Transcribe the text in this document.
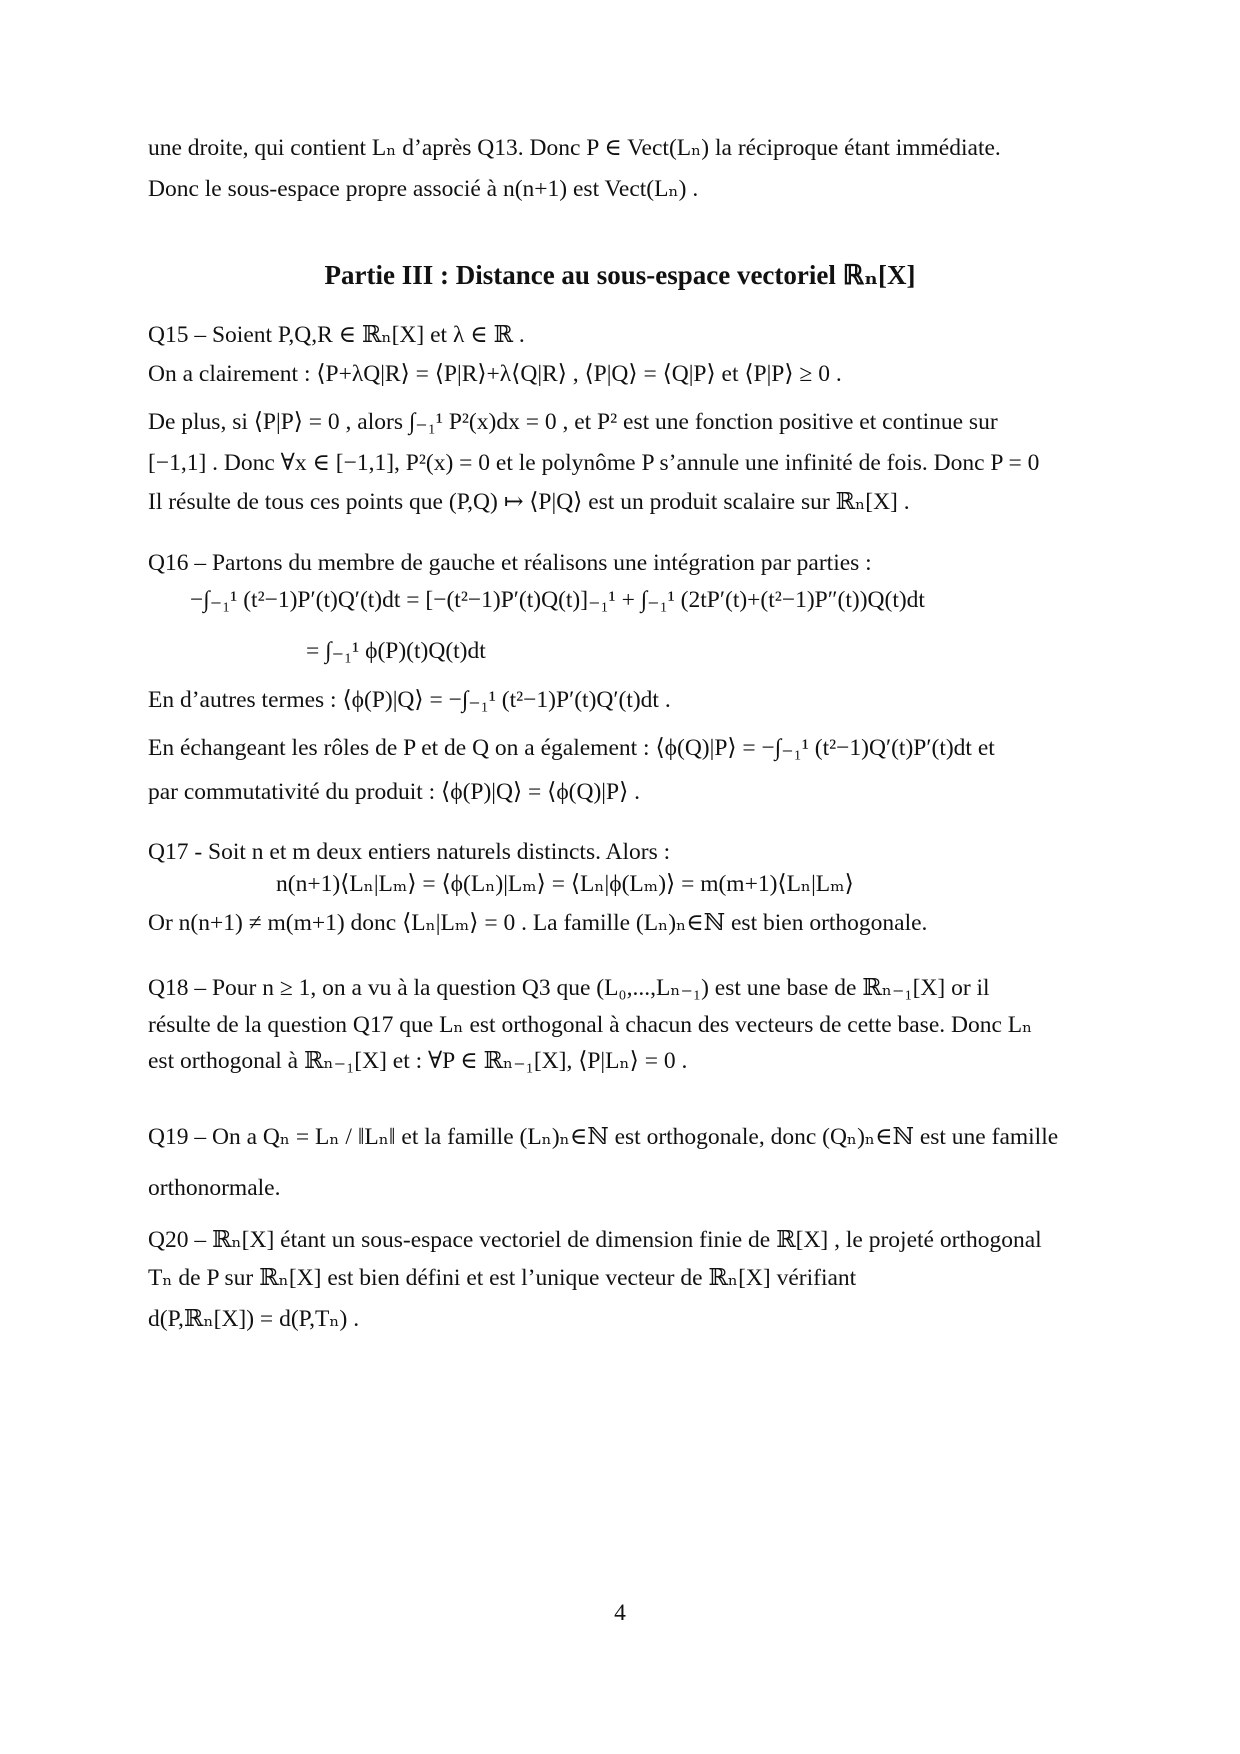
une droite, qui contient Lₙ d’après Q13. Donc P ∈ Vect(Lₙ) la réciproque étant immédiate.
Donc le sous-espace propre associé à n(n+1) est Vect(Lₙ) .
Partie III : Distance au sous-espace vectoriel ℝₙ[X]
Q15 – Soient P,Q,R ∈ ℝₙ[X] et λ ∈ ℝ .
On a clairement : ⟨P+λQ|R⟩ = ⟨P|R⟩+λ⟨Q|R⟩ , ⟨P|Q⟩ = ⟨Q|P⟩ et ⟨P|P⟩ ≥ 0 .
De plus, si ⟨P|P⟩ = 0 , alors ∫₋₁¹ P²(x)dx = 0 , et P² est une fonction positive et continue sur
[−1,1] . Donc ∀x ∈ [−1,1], P²(x) = 0 et le polynôme P s’annule une infinité de fois. Donc P = 0
Il résulte de tous ces points que (P,Q) ↦ ⟨P|Q⟩ est un produit scalaire sur ℝₙ[X] .
Q16 – Partons du membre de gauche et réalisons une intégration par parties :
−∫₋₁¹ (t²−1)P′(t)Q′(t)dt = [−(t²−1)P′(t)Q(t)]₋₁¹ + ∫₋₁¹ (2tP′(t)+(t²−1)P″(t))Q(t)dt
= ∫₋₁¹ ϕ(P)(t)Q(t)dt
En d’autres termes : ⟨ϕ(P)|Q⟩ = −∫₋₁¹ (t²−1)P′(t)Q′(t)dt .
En échangeant les rôles de P et de Q on a également : ⟨ϕ(Q)|P⟩ = −∫₋₁¹ (t²−1)Q′(t)P′(t)dt et
par commutativité du produit : ⟨ϕ(P)|Q⟩ = ⟨ϕ(Q)|P⟩ .
Q17 - Soit n et m deux entiers naturels distincts. Alors :
n(n+1)⟨Lₙ|Lₘ⟩ = ⟨ϕ(Lₙ)|Lₘ⟩ = ⟨Lₙ|ϕ(Lₘ)⟩ = m(m+1)⟨Lₙ|Lₘ⟩
Or n(n+1) ≠ m(m+1) donc ⟨Lₙ|Lₘ⟩ = 0 . La famille (Lₙ)ₙ∈ℕ est bien orthogonale.
Q18 – Pour n ≥ 1, on a vu à la question Q3 que (L₀,...,Lₙ₋₁) est une base de ℝₙ₋₁[X] or il
résulte de la question Q17 que Lₙ est orthogonal à chacun des vecteurs de cette base. Donc Lₙ
est orthogonal à ℝₙ₋₁[X] et : ∀P ∈ ℝₙ₋₁[X], ⟨P|Lₙ⟩ = 0 .
Q19 – On a Qₙ = Lₙ / ‖Lₙ‖ et la famille (Lₙ)ₙ∈ℕ est orthogonale, donc (Qₙ)ₙ∈ℕ est une famille
orthonormale.
Q20 – ℝₙ[X] étant un sous-espace vectoriel de dimension finie de ℝ[X] , le projeté orthogonal
Tₙ de P sur ℝₙ[X] est bien défini et est l’unique vecteur de ℝₙ[X] vérifiant
d(P,ℝₙ[X]) = d(P,Tₙ) .
4
